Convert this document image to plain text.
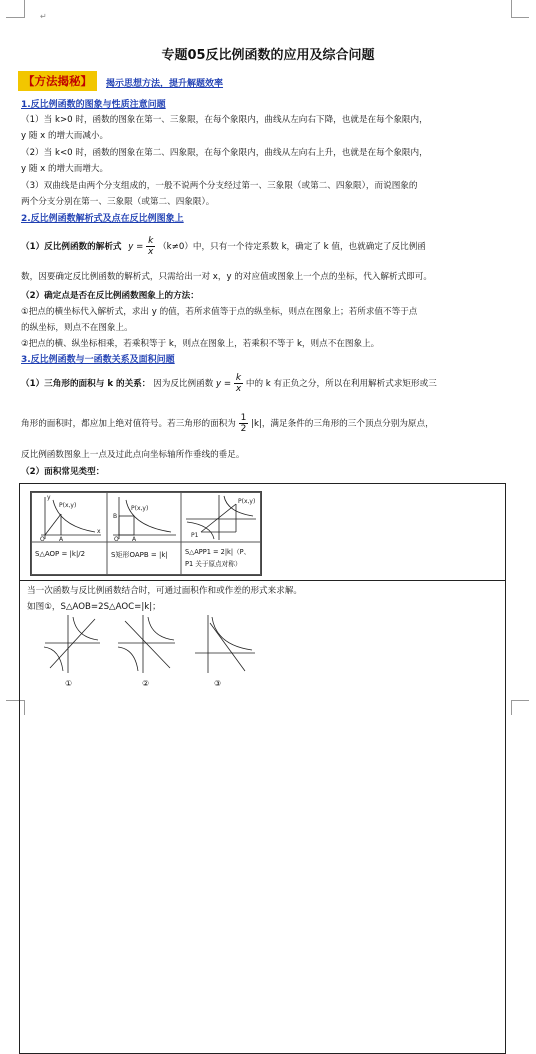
↵
专题05反比例函数的应用及综合问题
【方法揭秘】	揭示思想方法，提升解题效率
1.反比例函数的图象与性质注意问题
（1）当 k>0 时，函数的图象在第一、三象限，在每个象限内，曲线从左向右下降，也就是在每个象限内，
y 随 x 的增大而减小。
（2）当 k<0 时，函数的图象在第二、四象限，在每个象限内，曲线从左向右上升，也就是在每个象限内，
y 随 x 的增大而增大。
（3）双曲线是由两个分支组成的，一般不说两个分支经过第一、三象限（或第二、四象限），而说图象的
两个分支分别在第一、三象限（或第二、四象限）。
2.反比例函数解析式及点在反比例图象上
（1）反比例函数的解析式 $y = \frac{k}{x} (k\ne 0)$中，只有一个待定系数 k，确定了 k 值，也就确定了反比例函
数，因要确定反比例函数的解析式，只需给出一对 x，y 的对应值或图象上一个点的坐标，代入解析式即可。
（2）确定点是否在反比例函数图象上的方法：
①把点的横坐标代入解析式，求出 y 的值，若所求值等于点的纵坐标，则点在图象上；若所求值不等于点
的纵坐标，则点不在图象上。
②把点的横、纵坐标相乘，若乘积等于 k，则点在图象上，若乘积不等于 k，则点不在图象上。
3.反比例函数与一函数关系及面积问题
（1）三角形的面积与 k 的关系： 因为反比例函数 $y = \frac{k}{x}$ 中的 k 有正负之分，所以在利用解析式求矩形或三
角形的面积时，都应加上绝对值符号。若三角形的面积为 $\frac{1}{2} |k|$，满足条件的三角形的三个顶点分别为原点，
反比例函数图象上一点及过此点向坐标轴所作垂线的垂足。
（2）面积常见类型：
P(x,y)
O A
x
y
P(x,y)
O A
B
P(x,y)
P1
S△AOP = |k|/2	S矩形OAPB = |k|	S△APP1 = 2|k|（P、
P1 关于原点对称）
当一次函数与反比例函数结合时，可通过面积作和或作差的形式来求解。
如图①，S△AOB=2S△AOC=|k|；
①	②	③
